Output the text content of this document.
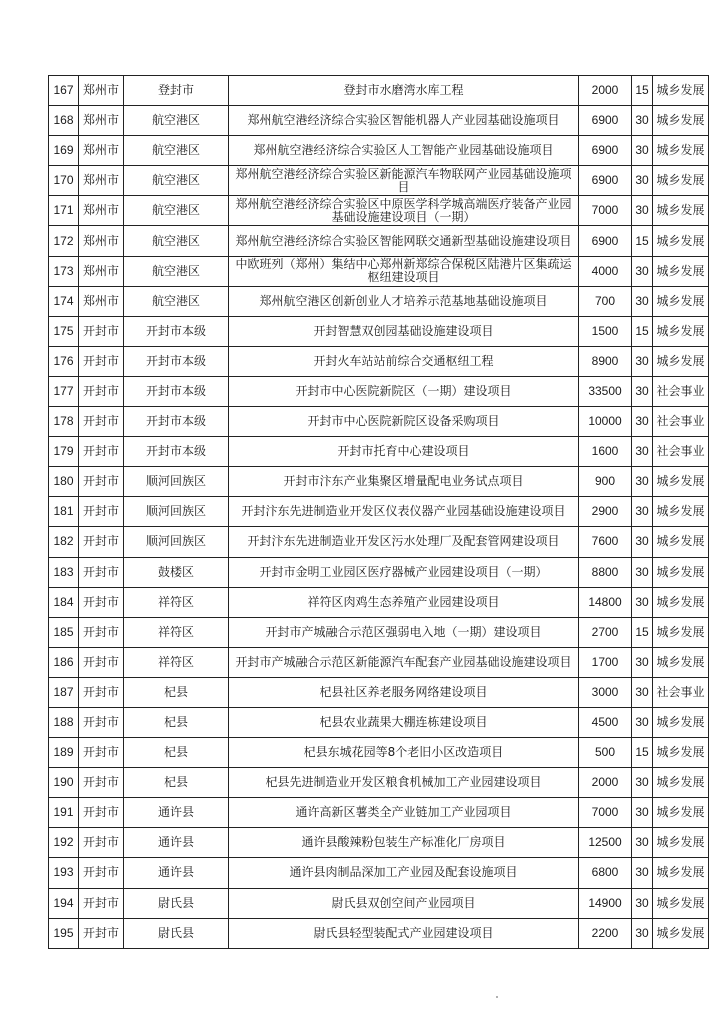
167	郑州市	登封市	登封市水磨湾水库工程	2000	15	城乡发展
168	郑州市	航空港区	郑州航空港经济综合实验区智能机器人产业园基础设施项目	6900	30	城乡发展
169	郑州市	航空港区	郑州航空港经济综合实验区人工智能产业园基础设施项目	6900	30	城乡发展
170	郑州市	航空港区	郑州航空港经济综合实验区新能源汽车物联网产业园基础设施项目	6900	30	城乡发展
171	郑州市	航空港区	郑州航空港经济综合实验区中原医学科学城高端医疗装备产业园基础设施建设项目（一期）	7000	30	城乡发展
172	郑州市	航空港区	郑州航空港经济综合实验区智能网联交通新型基础设施建设项目	6900	15	城乡发展
173	郑州市	航空港区	中欧班列（郑州）集结中心郑州新郑综合保税区陆港片区集疏运枢纽建设项目	4000	30	城乡发展
174	郑州市	航空港区	郑州航空港区创新创业人才培养示范基地基础设施项目	700	30	城乡发展
175	开封市	开封市本级	开封智慧双创园基础设施建设项目	1500	15	城乡发展
176	开封市	开封市本级	开封火车站站前综合交通枢纽工程	8900	30	城乡发展
177	开封市	开封市本级	开封市中心医院新院区（一期）建设项目	33500	30	社会事业
178	开封市	开封市本级	开封市中心医院新院区设备采购项目	10000	30	社会事业
179	开封市	开封市本级	开封市托育中心建设项目	1600	30	社会事业
180	开封市	顺河回族区	开封市汴东产业集聚区增量配电业务试点项目	900	30	城乡发展
181	开封市	顺河回族区	开封汴东先进制造业开发区仪表仪器产业园基础设施建设项目	2900	30	城乡发展
182	开封市	顺河回族区	开封汴东先进制造业开发区污水处理厂及配套管网建设项目	7600	30	城乡发展
183	开封市	鼓楼区	开封市金明工业园区医疗器械产业园建设项目（一期）	8800	30	城乡发展
184	开封市	祥符区	祥符区肉鸡生态养殖产业园建设项目	14800	30	城乡发展
185	开封市	祥符区	开封市产城融合示范区强弱电入地（一期）建设项目	2700	15	城乡发展
186	开封市	祥符区	开封市产城融合示范区新能源汽车配套产业园基础设施建设项目	1700	30	城乡发展
187	开封市	杞县	杞县社区养老服务网络建设项目	3000	30	社会事业
188	开封市	杞县	杞县农业蔬果大棚连栋建设项目	4500	30	城乡发展
189	开封市	杞县	杞县东城花园等8个老旧小区改造项目	500	15	城乡发展
190	开封市	杞县	杞县先进制造业开发区粮食机械加工产业园建设项目	2000	30	城乡发展
191	开封市	通许县	通许高新区薯类全产业链加工产业园项目	7000	30	城乡发展
192	开封市	通许县	通许县酸辣粉包装生产标准化厂房项目	12500	30	城乡发展
193	开封市	通许县	通许县肉制品深加工产业园及配套设施项目	6800	30	城乡发展
194	开封市	尉氏县	尉氏县双创空间产业园项目	14900	30	城乡发展
195	开封市	尉氏县	尉氏县轻型装配式产业园建设项目	2200	30	城乡发展
